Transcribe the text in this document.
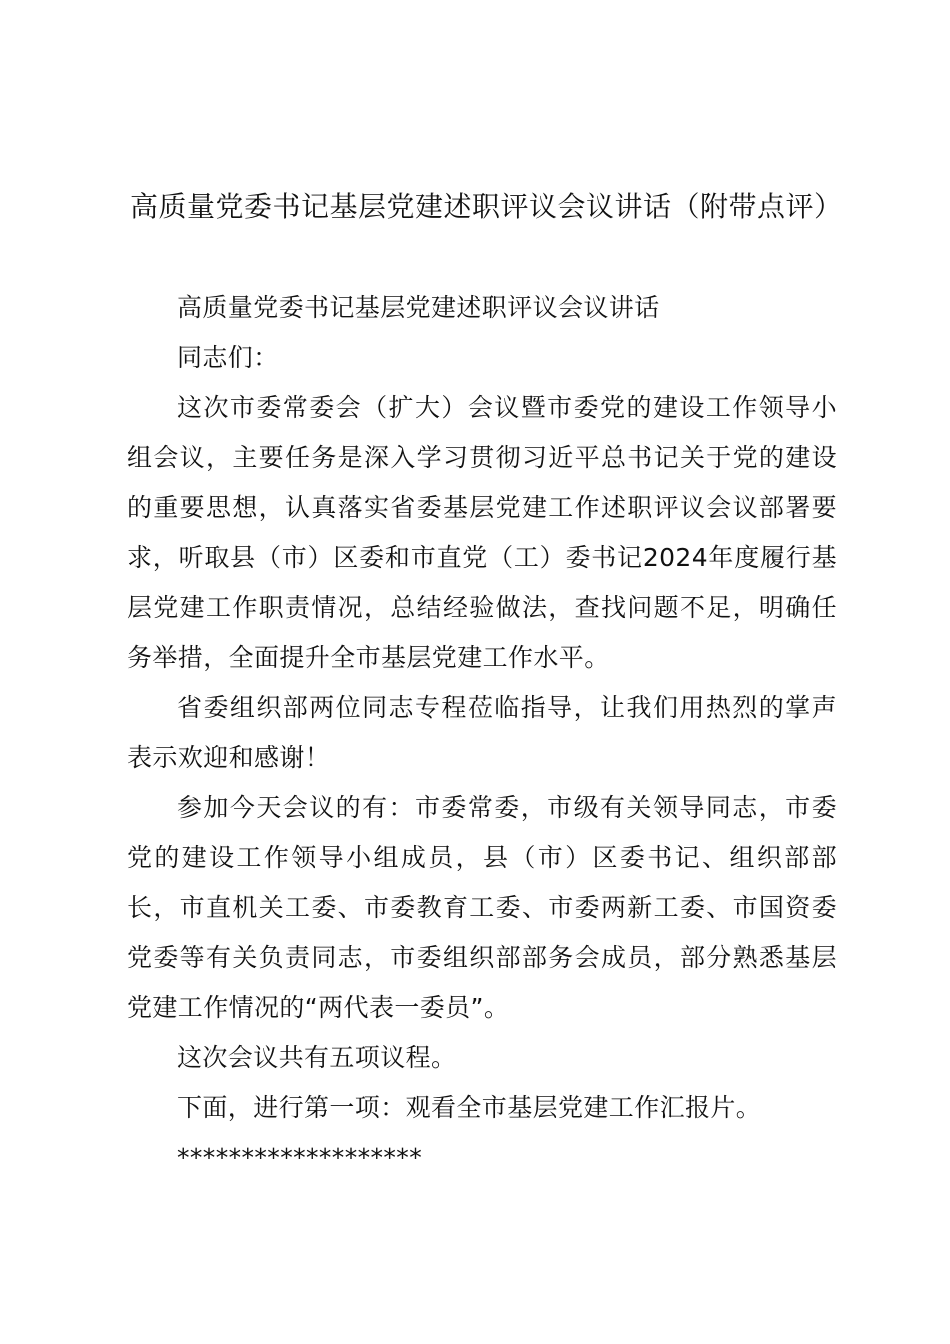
高质量党委书记基层党建述职评议会议讲话（附带点评）

高质量党委书记基层党建述职评议会议讲话

同志们：

这次市委常委会（扩大）会议暨市委党的建设工作领导小组会议，主要任务是深入学习贯彻习近平总书记关于党的建设的重要思想，认真落实省委基层党建工作述职评议会议部署要求，听取县（市）区委和市直党（工）委书记2024年度履行基层党建工作职责情况，总结经验做法，查找问题不足，明确任务举措，全面提升全市基层党建工作水平。

省委组织部两位同志专程莅临指导，让我们用热烈的掌声表示欢迎和感谢！

参加今天会议的有：市委常委，市级有关领导同志，市委党的建设工作领导小组成员，县（市）区委书记、组织部部长，市直机关工委、市委教育工委、市委两新工委、市国资委党委等有关负责同志，市委组织部部务会成员，部分熟悉基层党建工作情况的“两代表一委员”。

这次会议共有五项议程。

下面，进行第一项：观看全市基层党建工作汇报片。

*******************
